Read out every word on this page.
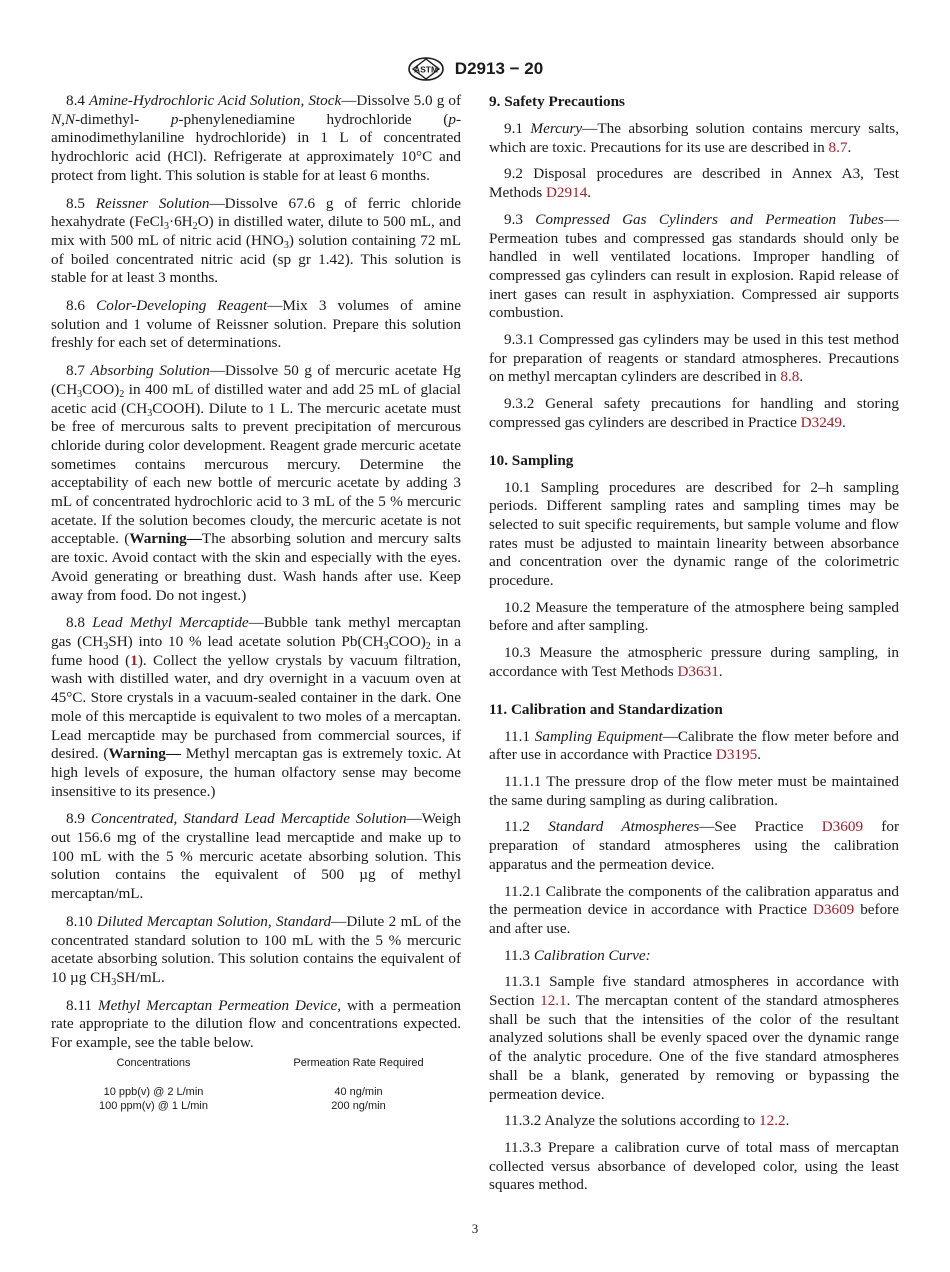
ASTM D2913 − 20

8.4 Amine-Hydrochloric Acid Solution, Stock—Dissolve 5.0 g of N,N-dimethyl- p-phenylenediamine hydrochloride (p-aminodimethylaniline hydrochloride) in 1 L of concentrated hydrochloric acid (HCl). Refrigerate at approximately 10°C and protect from light. This solution is stable for at least 6 months.

8.5 Reissner Solution—Dissolve 67.6 g of ferric chloride hexahydrate $(FeCl_3\cdot 6H_2O)$ in distilled water, dilute to 500 mL, and mix with 500 mL of nitric acid $(HNO_3)$ solution containing 72 mL of boiled concentrated nitric acid (sp gr 1.42). This solution is stable for at least 3 months.

8.6 Color-Developing Reagent—Mix 3 volumes of amine solution and 1 volume of Reissner solution. Prepare this solution freshly for each set of determinations.

8.7 Absorbing Solution—Dissolve 50 g of mercuric acetate Hg $(CH_3COO)_2$ in 400 mL of distilled water and add 25 mL of glacial acetic acid $(CH_3COOH)$. Dilute to 1 L. The mercuric acetate must be free of mercurous salts to prevent precipitation of mercurous chloride during color development. Reagent grade mercuric acetate sometimes contains mercurous mercury. Determine the acceptability of each new bottle of mercuric acetate by adding 3 mL of concentrated hydrochloric acid to 3 mL of the 5 % mercuric acetate. If the solution becomes cloudy, the mercuric acetate is not acceptable. (Warning—The absorbing solution and mercury salts are toxic. Avoid contact with the skin and especially with the eyes. Avoid generating or breathing dust. Wash hands after use. Keep away from food. Do not ingest.)

8.8 Lead Methyl Mercaptide—Bubble tank methyl mercaptan gas $(CH_3SH)$ into 10 % lead acetate solution $Pb(CH_3COO)_2$ in a fume hood (1). Collect the yellow crystals by vacuum filtration, wash with distilled water, and dry overnight in a vacuum oven at 45°C. Store crystals in a vacuum-sealed container in the dark. One mole of this mercaptide is equivalent to two moles of a mercaptan. Lead mercaptide may be purchased from commercial sources, if desired. (Warning— Methyl mercaptan gas is extremely toxic. At high levels of exposure, the human olfactory sense may become insensitive to its presence.)

8.9 Concentrated, Standard Lead Mercaptide Solution—Weigh out 156.6 mg of the crystalline lead mercaptide and make up to 100 mL with the 5 % mercuric acetate absorbing solution. This solution contains the equivalent of 500 µg of methyl mercaptan/mL.

8.10 Diluted Mercaptan Solution, Standard—Dilute 2 mL of the concentrated standard solution to 100 mL with the 5 % mercuric acetate absorbing solution. This solution contains the equivalent of 10 µg $CH_3SH/mL$.

8.11 Methyl Mercaptan Permeation Device, with a permeation rate appropriate to the dilution flow and concentrations expected. For example, see the table below.

Concentrations	Permeation Rate Required
10 ppb(v) @ 2 L/min	40 ng/min
100 ppm(v) @ 1 L/min	200 ng/min
9. Safety Precautions

9.1 Mercury—The absorbing solution contains mercury salts, which are toxic. Precautions for its use are described in 8.7.

9.2 Disposal procedures are described in Annex A3, Test Methods D2914.

9.3 Compressed Gas Cylinders and Permeation Tubes—Permeation tubes and compressed gas standards should only be handled in well ventilated locations. Improper handling of compressed gas cylinders can result in explosion. Rapid release of inert gases can result in asphyxiation. Compressed air supports combustion.

9.3.1 Compressed gas cylinders may be used in this test method for preparation of reagents or standard atmospheres. Precautions on methyl mercaptan cylinders are described in 8.8.

9.3.2 General safety precautions for handling and storing compressed gas cylinders are described in Practice D3249.

10. Sampling

10.1 Sampling procedures are described for 2–h sampling periods. Different sampling rates and sampling times may be selected to suit specific requirements, but sample volume and flow rates must be adjusted to maintain linearity between absorbance and concentration over the dynamic range of the colorimetric procedure.

10.2 Measure the temperature of the atmosphere being sampled before and after sampling.

10.3 Measure the atmospheric pressure during sampling, in accordance with Test Methods D3631.

11. Calibration and Standardization

11.1 Sampling Equipment—Calibrate the flow meter before and after use in accordance with Practice D3195.

11.1.1 The pressure drop of the flow meter must be maintained the same during sampling as during calibration.

11.2 Standard Atmospheres—See Practice D3609 for preparation of standard atmospheres using the calibration apparatus and the permeation device.

11.2.1 Calibrate the components of the calibration apparatus and the permeation device in accordance with Practice D3609 before and after use.

11.3 Calibration Curve:

11.3.1 Sample five standard atmospheres in accordance with Section 12.1. The mercaptan content of the standard atmospheres shall be such that the intensities of the color of the resultant analyzed solutions shall be evenly spaced over the dynamic range of the analytic procedure. One of the five standard atmospheres shall be a blank, generated by removing or bypassing the permeation device.

11.3.2 Analyze the solutions according to 12.2.

11.3.3 Prepare a calibration curve of total mass of mercaptan collected versus absorbance of developed color, using the least squares method.

3
